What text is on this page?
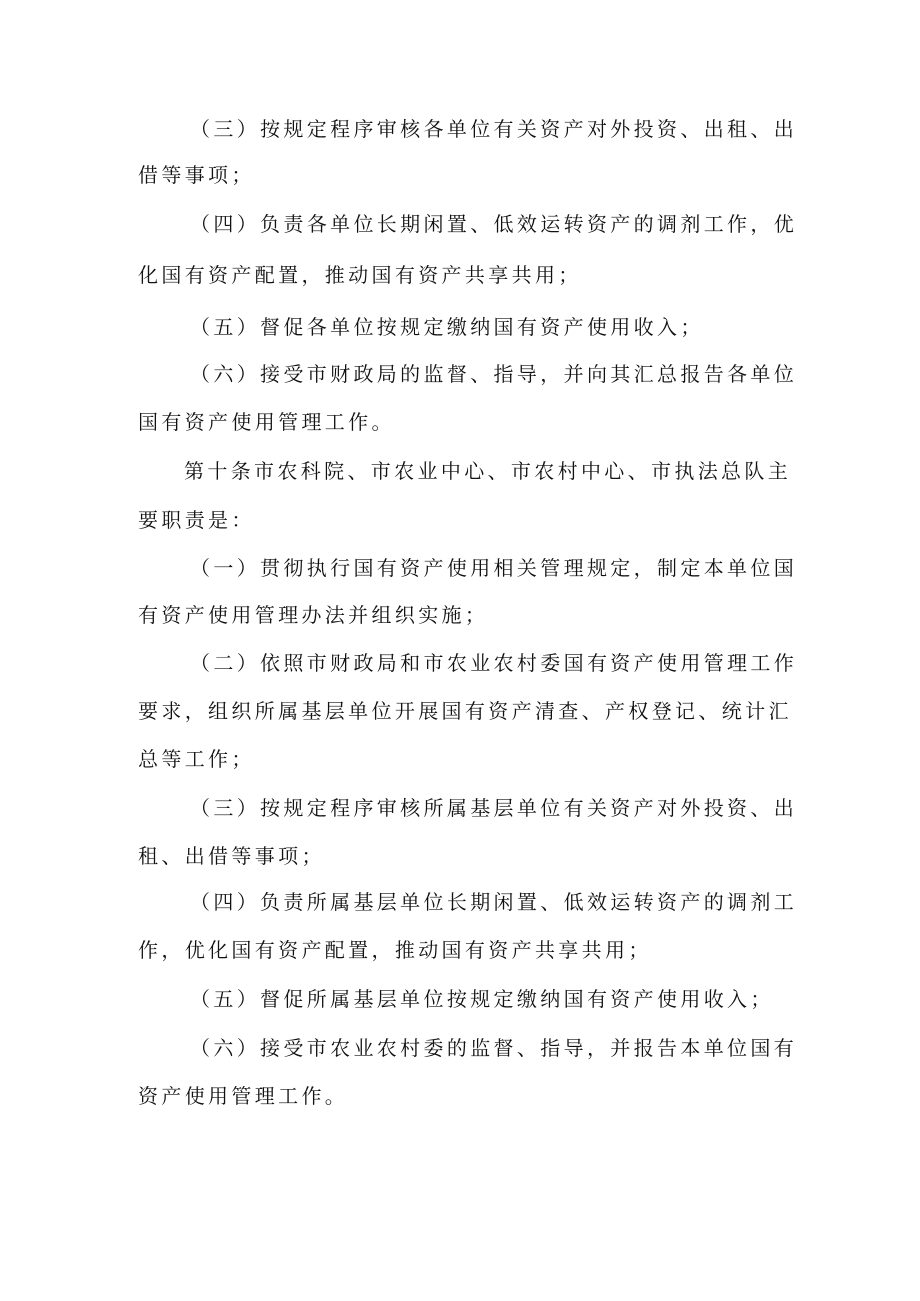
（三）按规定程序审核各单位有关资产对外投资、出租、出

借等事项；

（四）负责各单位长期闲置、低效运转资产的调剂工作，优

化国有资产配置，推动国有资产共享共用；

（五）督促各单位按规定缴纳国有资产使用收入；

（六）接受市财政局的监督、指导，并向其汇总报告各单位

国有资产使用管理工作。

第十条市农科院、市农业中心、市农村中心、市执法总队主

要职责是：

（一）贯彻执行国有资产使用相关管理规定，制定本单位国

有资产使用管理办法并组织实施；

（二）依照市财政局和市农业农村委国有资产使用管理工作

要求，组织所属基层单位开展国有资产清查、产权登记、统计汇

总等工作；

（三）按规定程序审核所属基层单位有关资产对外投资、出

租、出借等事项；

（四）负责所属基层单位长期闲置、低效运转资产的调剂工

作，优化国有资产配置，推动国有资产共享共用；

（五）督促所属基层单位按规定缴纳国有资产使用收入；

（六）接受市农业农村委的监督、指导，并报告本单位国有

资产使用管理工作。
